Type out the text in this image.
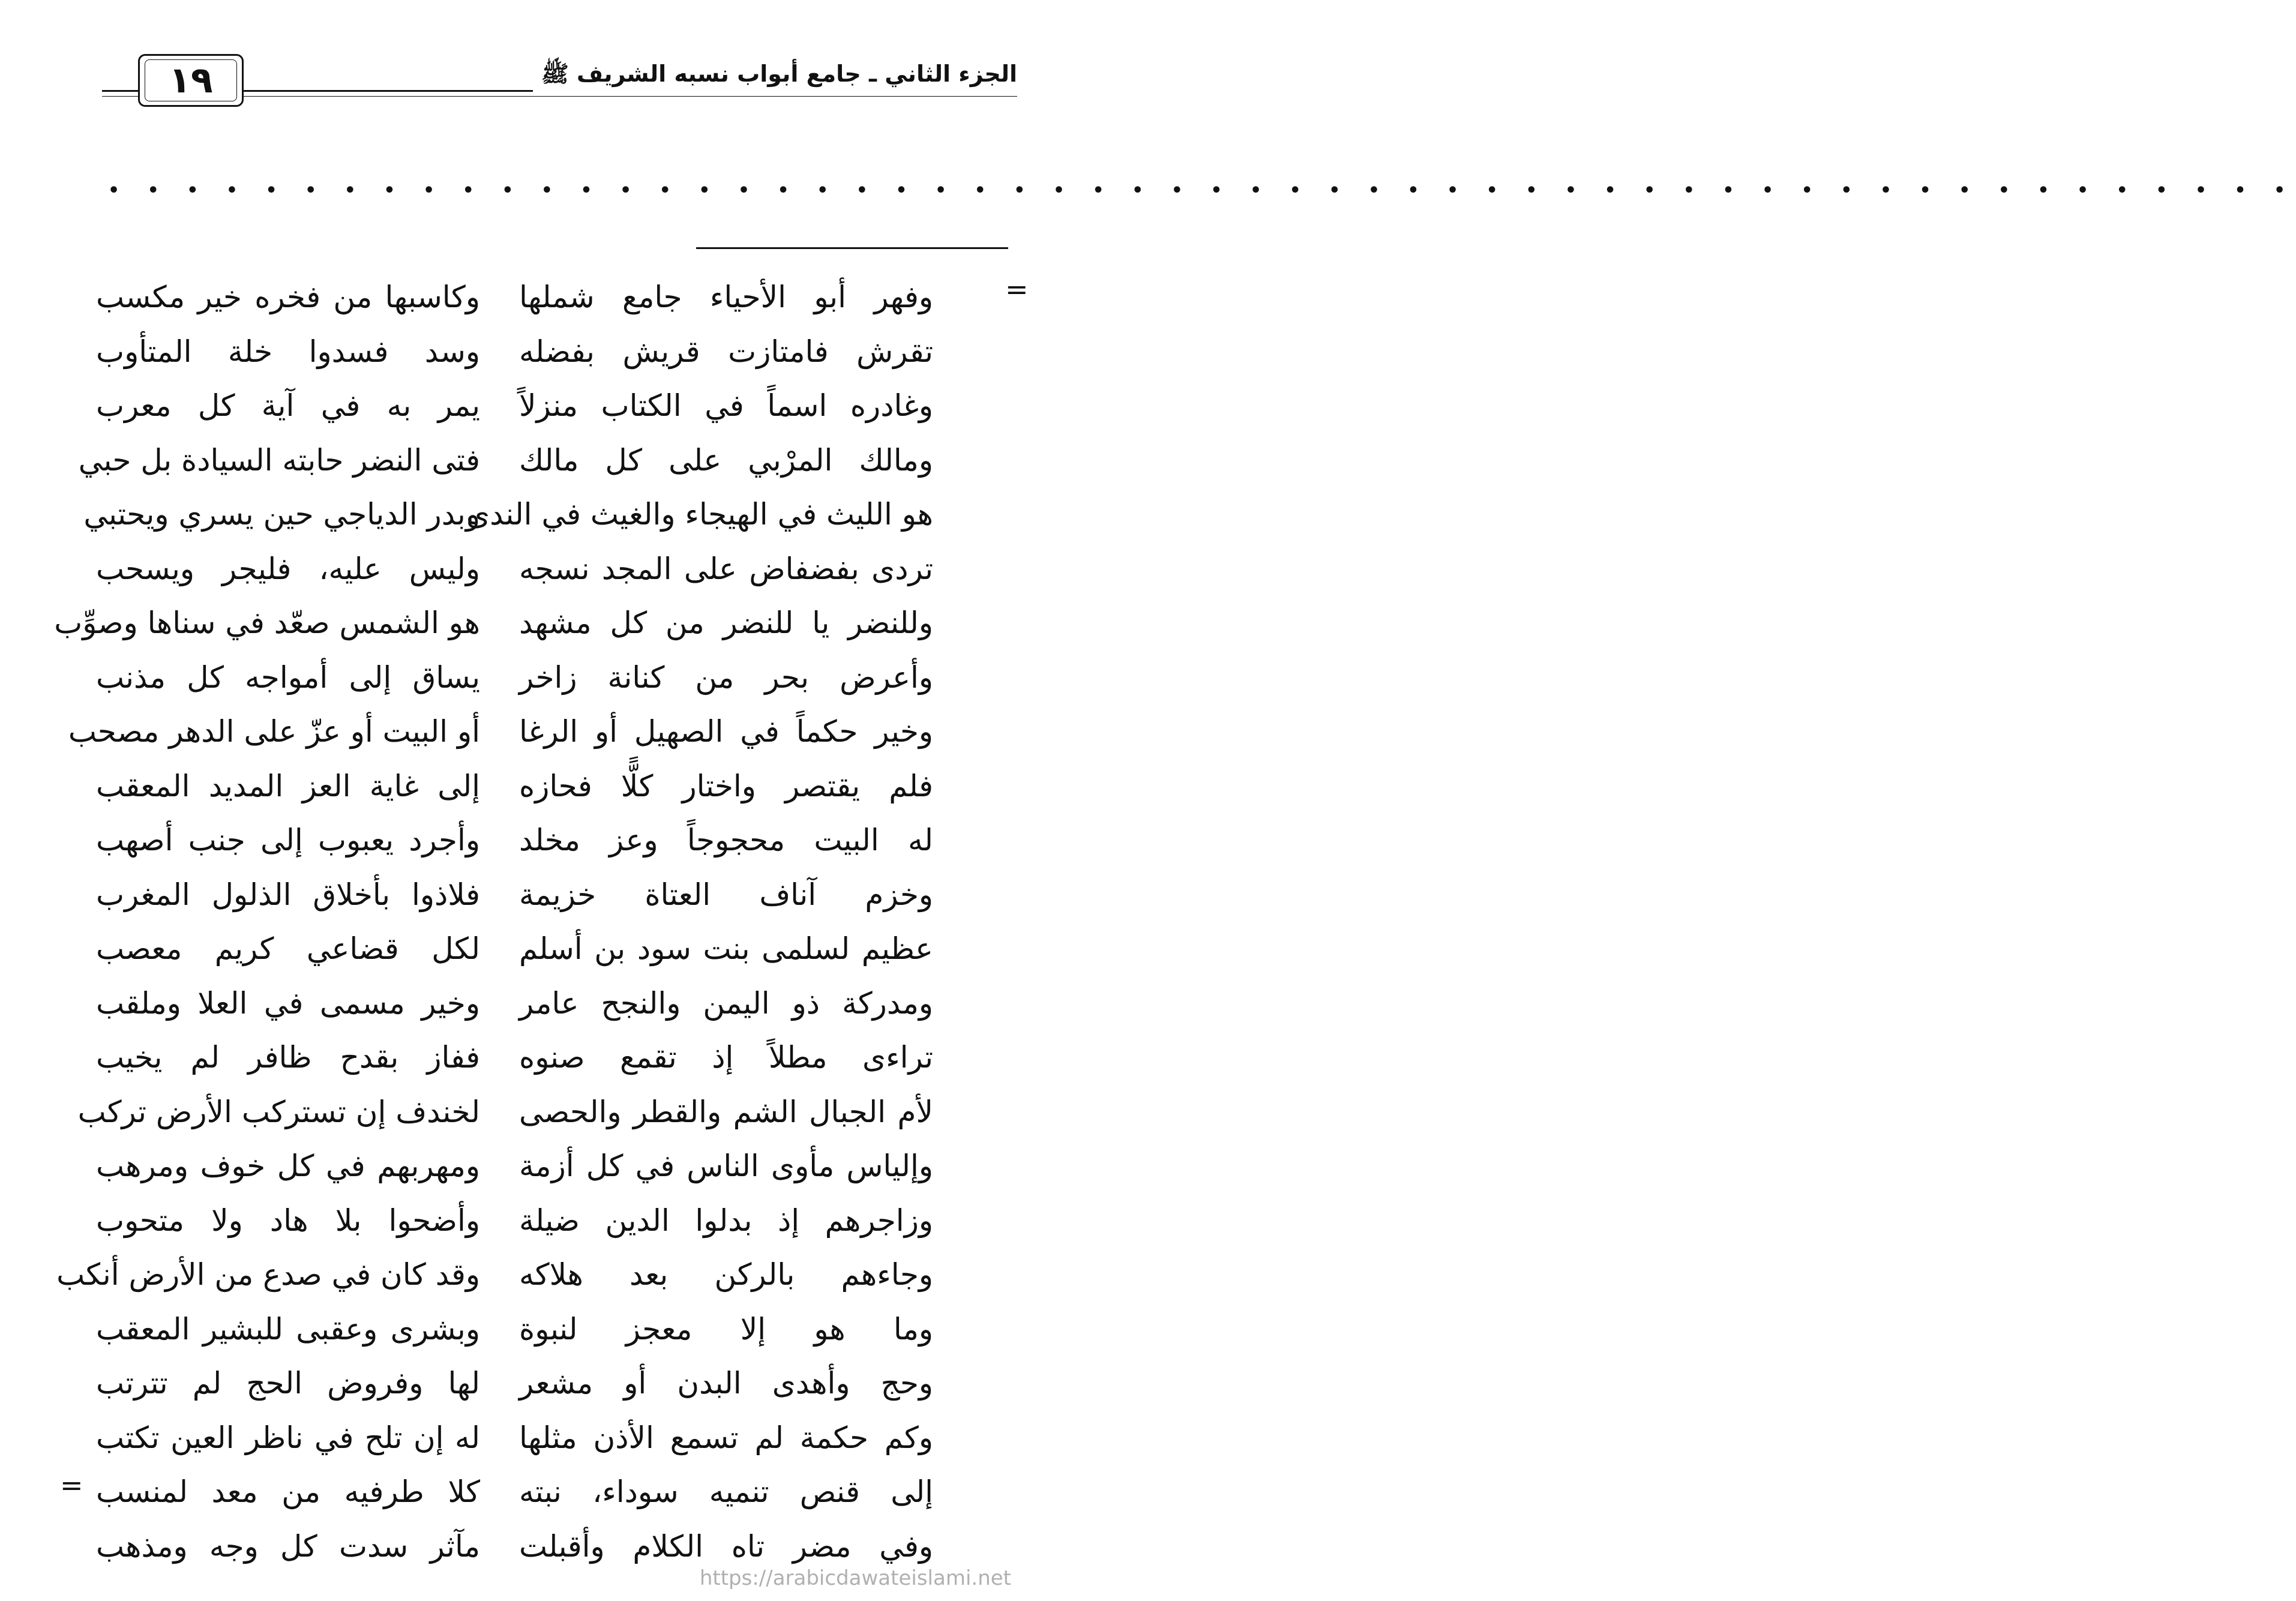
١٩	الجزء الثاني ـ جامع أبواب نسبه الشريف ﷺ
• • • • • • • • • • • • • • • • • • • • • • • • • • • • • • • • • • • • • • • • • • • • • • • • • • • • • • • •
=
=
وفهر أبو الأحياء جامع شملها
تقرش فامتازت قريش بفضله
وغادره اسماً في الكتاب منزلاً
ومالك المرْبي على كل مالك
هو الليث في الهيجاء والغيث في الندى
تردى بفضفاض على المجد نسجه
وللنضر يا للنضر من كل مشهد
وأعرض بحر من كنانة زاخر
وخير حكماً في الصهيل أو الرغا
فلم يقتصر واختار كلًّا فحازه
له البيت محجوجاً وعز مخلد
وخزم آناف العتاة خزيمة
عظيم لسلمى بنت سود بن أسلم
ومدركة ذو اليمن والنجح عامر
تراءى مطلاً إذ تقمع صنوه
لأم الجبال الشم والقطر والحصى
وإلياس مأوى الناس في كل أزمة
وزاجرهم إذ بدلوا الدين ضيلة
وجاءهم بالركن بعد هلاكه
وما هو إلا معجز لنبوة
وحج وأهدى البدن أو مشعر
وكم حكمة لم تسمع الأذن مثلها
إلى قنص تنميه سوداء، نبته
وفي مضر تاه الكلام وأقبلت
وكاسبها من فخره خير مكسب
وسد فسدوا خلة المتأوب
يمر به في آية كل معرب
فتى النضر حابته السيادة بل حبي
وبدر الدياجي حين يسري ويحتبي
وليس عليه، فليجر ويسحب
هو الشمس صعّد في سناها وصوِّب
يساق إلى أمواجه كل مذنب
أو البيت أو عزّ على الدهر مصحب
إلى غاية العز المديد المعقب
وأجرد يعبوب إلى جنب أصهب
فلاذوا بأخلاق الذلول المغرب
لكل قضاعي كريم معصب
وخير مسمى في العلا وملقب
ففاز بقدح ظافر لم يخيب
لخندف إن تستركب الأرض تركب
ومهربهم في كل خوف ومرهب
وأضحوا بلا هاد ولا متحوب
وقد كان في صدع من الأرض أنكب
وبشرى وعقبى للبشير المعقب
لها وفروض الحج لم تترتب
له إن تلح في ناظر العين تكتب
كلا طرفيه من معد لمنسب
مآثر سدت كل وجه ومذهب
https://arabicdawateislami.net
